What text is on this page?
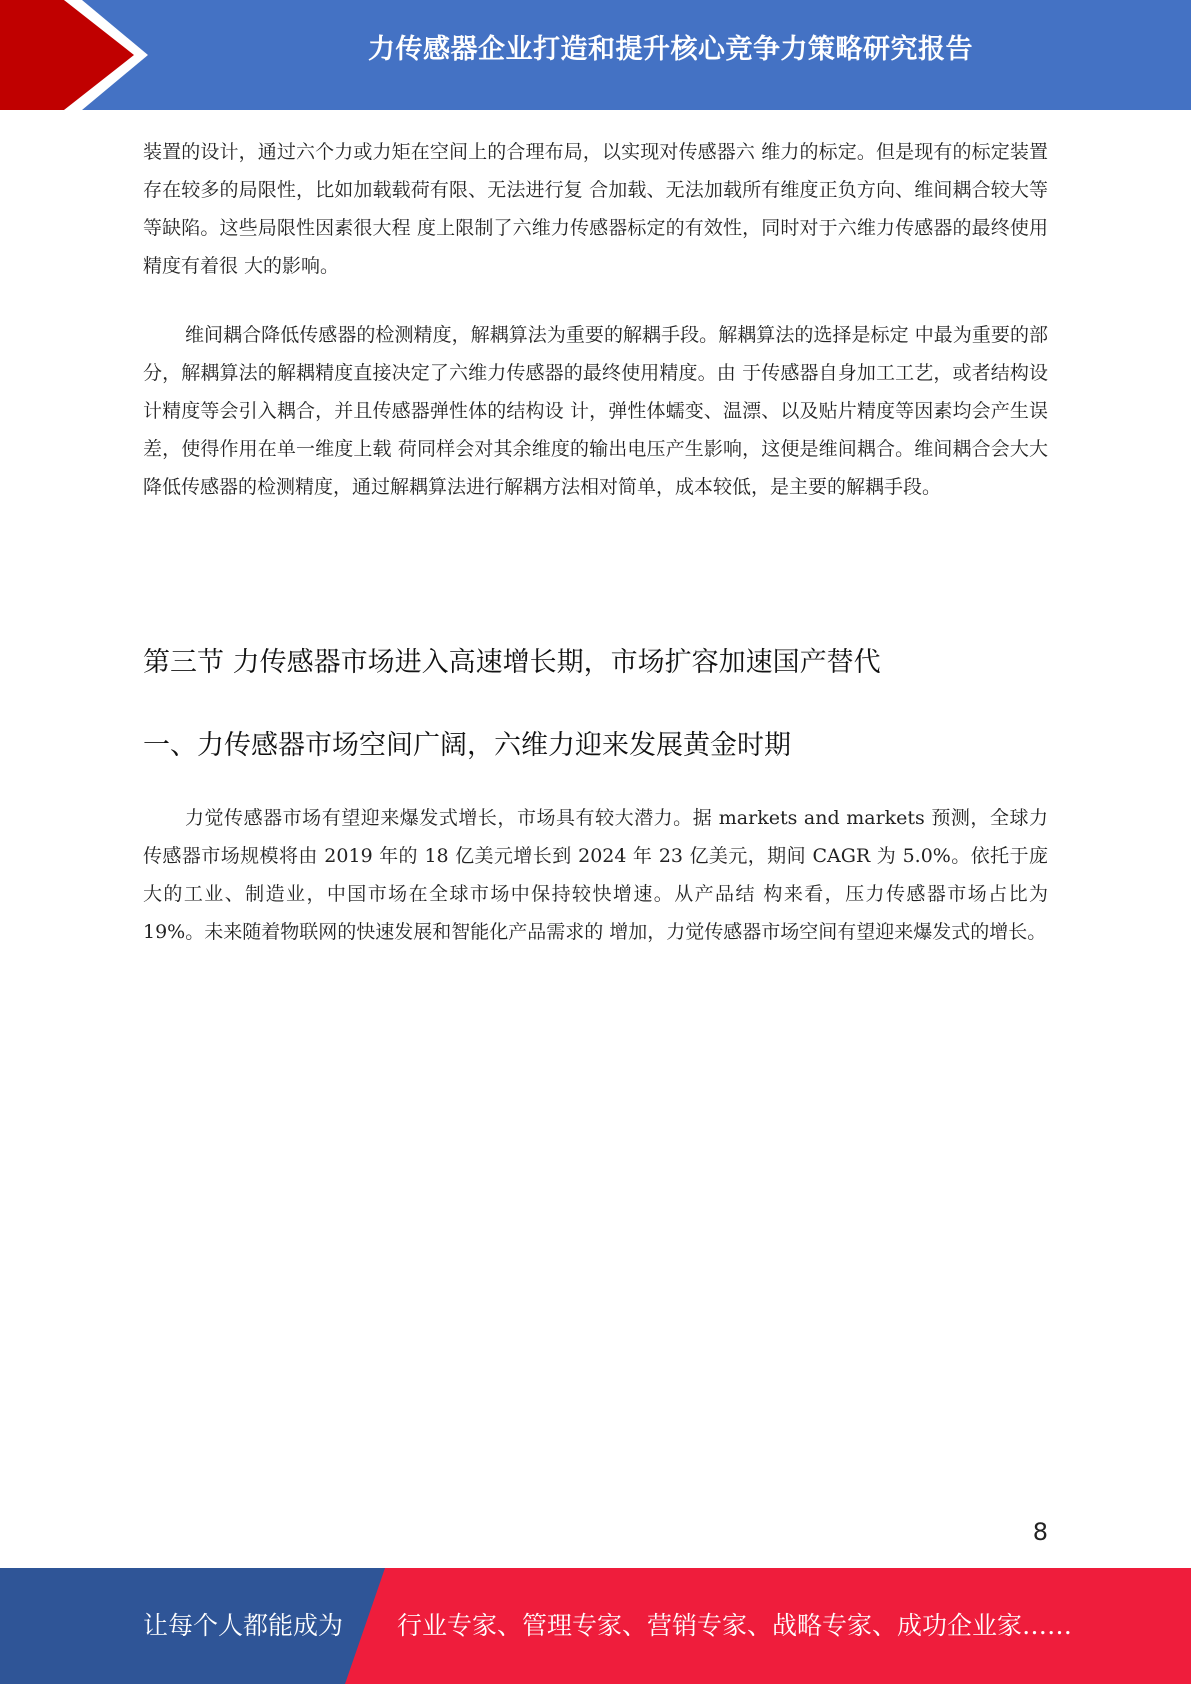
力传感器企业打造和提升核心竞争力策略研究报告

装置的设计，通过六个力或力矩在空间上的合理布局，以实现对传感器六 维力的标定。但是现有的标定装置存在较多的局限性，比如加载载荷有限、无法进行复 合加载、无法加载所有维度正负方向、维间耦合较大等等缺陷。这些局限性因素很大程 度上限制了六维力传感器标定的有效性，同时对于六维力传感器的最终使用精度有着很 大的影响。

维间耦合降低传感器的检测精度，解耦算法为重要的解耦手段。解耦算法的选择是标定 中最为重要的部分，解耦算法的解耦精度直接决定了六维力传感器的最终使用精度。由 于传感器自身加工工艺，或者结构设计精度等会引入耦合，并且传感器弹性体的结构设 计，弹性体蠕变、温漂、以及贴片精度等因素均会产生误差，使得作用在单一维度上载 荷同样会对其余维度的输出电压产生影响，这便是维间耦合。维间耦合会大大降低传感器的检测精度，通过解耦算法进行解耦方法相对简单，成本较低，是主要的解耦手段。

第三节 力传感器市场进入高速增长期，市场扩容加速国产替代
一、力传感器市场空间广阔，六维力迎来发展黄金时期

力觉传感器市场有望迎来爆发式增长，市场具有较大潜力。据 markets and markets 预测，全球力传感器市场规模将由 2019 年的 18 亿美元增长到 2024 年 23 亿美元，期间 CAGR 为 5.0%。依托于庞大的工业、制造业，中国市场在全球市场中保持较快增速。从产品结 构来看，压力传感器市场占比为 19%。未来随着物联网的快速发展和智能化产品需求的 增加，力觉传感器市场空间有望迎来爆发式的增长。

8
让每个人都能成为 行业专家、管理专家、营销专家、战略专家、成功企业家……
